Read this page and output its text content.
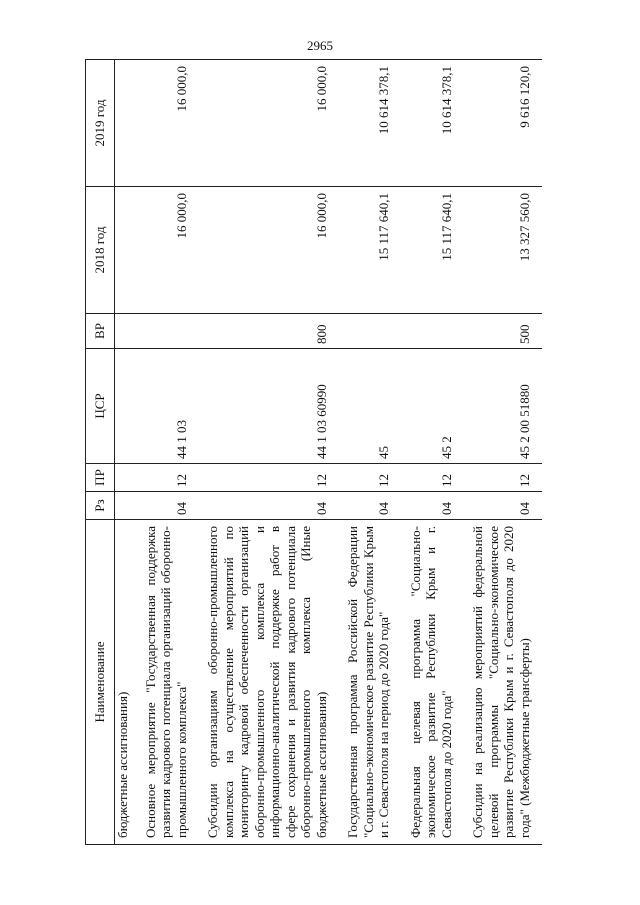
2965
Наименование	Рз	ПР	ЦСР	ВР	2018 год	2019 год
бюджетные ассигнования)						
Основное мероприятие "Государственная поддержка развития кадрового потенциала организаций оборонно-промышленного комплекса"	04	12	44 1 03		16 000,0	16 000,0
Субсидии организациям оборонно-промышленного комплекса на осуществление мероприятий по мониторингу кадровой обеспеченности организаций оборонно-промышленного комплекса и информационно-аналитической поддержке работ в сфере сохранения и развития кадрового потенциала оборонно-промышленного комплекса (Иные бюджетные ассигнования)	04	12	44 1 03 60990	800	16 000,0	16 000,0
Государственная программа Российской Федерации "Социально-экономическое развитие Республики Крым и г. Севастополя на период до 2020 года"	04	12	45		15 117 640,1	10 614 378,1
Федеральная целевая программа "Социально-экономическое развитие Республики Крым и г. Севастополя до 2020 года"	04	12	45 2		15 117 640,1	10 614 378,1
Субсидии на реализацию мероприятий федеральной целевой программы "Социально-экономическое развитие Республики Крым и г. Севастополя до 2020 года" (Межбюджетные трансферты)	04	12	45 2 00 51880	500	13 327 560,0	9 616 120,0
